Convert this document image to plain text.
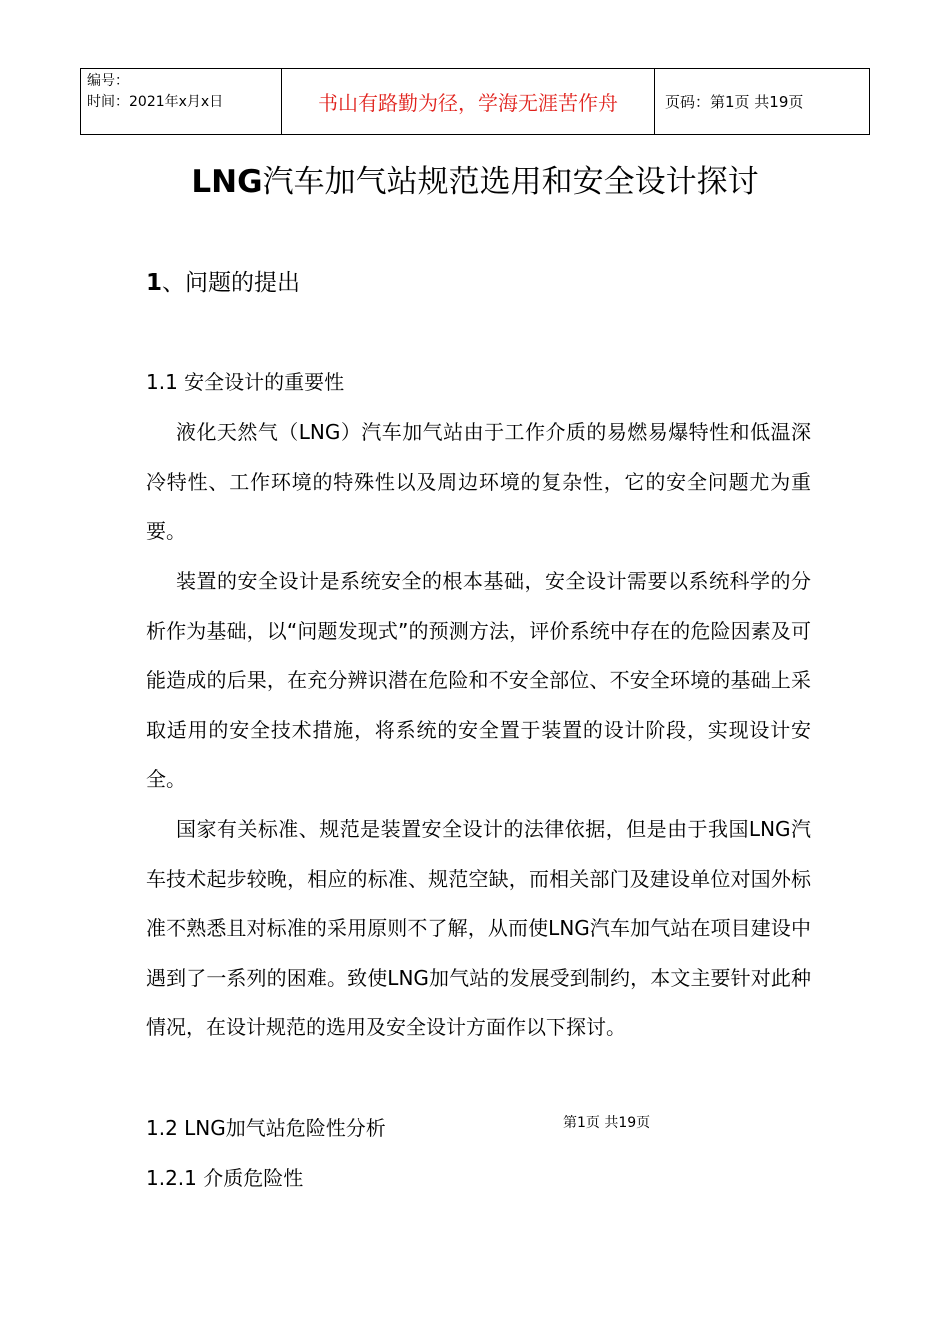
编号：
时间：2021年x月x日	书山有路勤为径，学海无涯苦作舟	页码：第1页 共19页
LNG汽车加气站规范选用和安全设计探讨
1、问题的提出
1.1 安全设计的重要性

液化天然气（LNG）汽车加气站由于工作介质的易燃易爆特性和低温深冷特性、工作环境的特殊性以及周边环境的复杂性，它的安全问题尤为重要。

装置的安全设计是系统安全的根本基础，安全设计需要以系统科学的分析作为基础，以“问题发现式”的预测方法，评价系统中存在的危险因素及可能造成的后果，在充分辨识潜在危险和不安全部位、不安全环境的基础上采取适用的安全技术措施，将系统的安全置于装置的设计阶段，实现设计安全。

国家有关标准、规范是装置安全设计的法律依据，但是由于我国LNG汽车技术起步较晚，相应的标准、规范空缺，而相关部门及建设单位对国外标准不熟悉且对标准的采用原则不了解，从而使LNG汽车加气站在项目建设中遇到了一系列的困难。致使LNG加气站的发展受到制约，本文主要针对此种情况，在设计规范的选用及安全设计方面作以下探讨。

1.2 LNG加气站危险性分析	第1页 共19页
1.2.1 介质危险性
